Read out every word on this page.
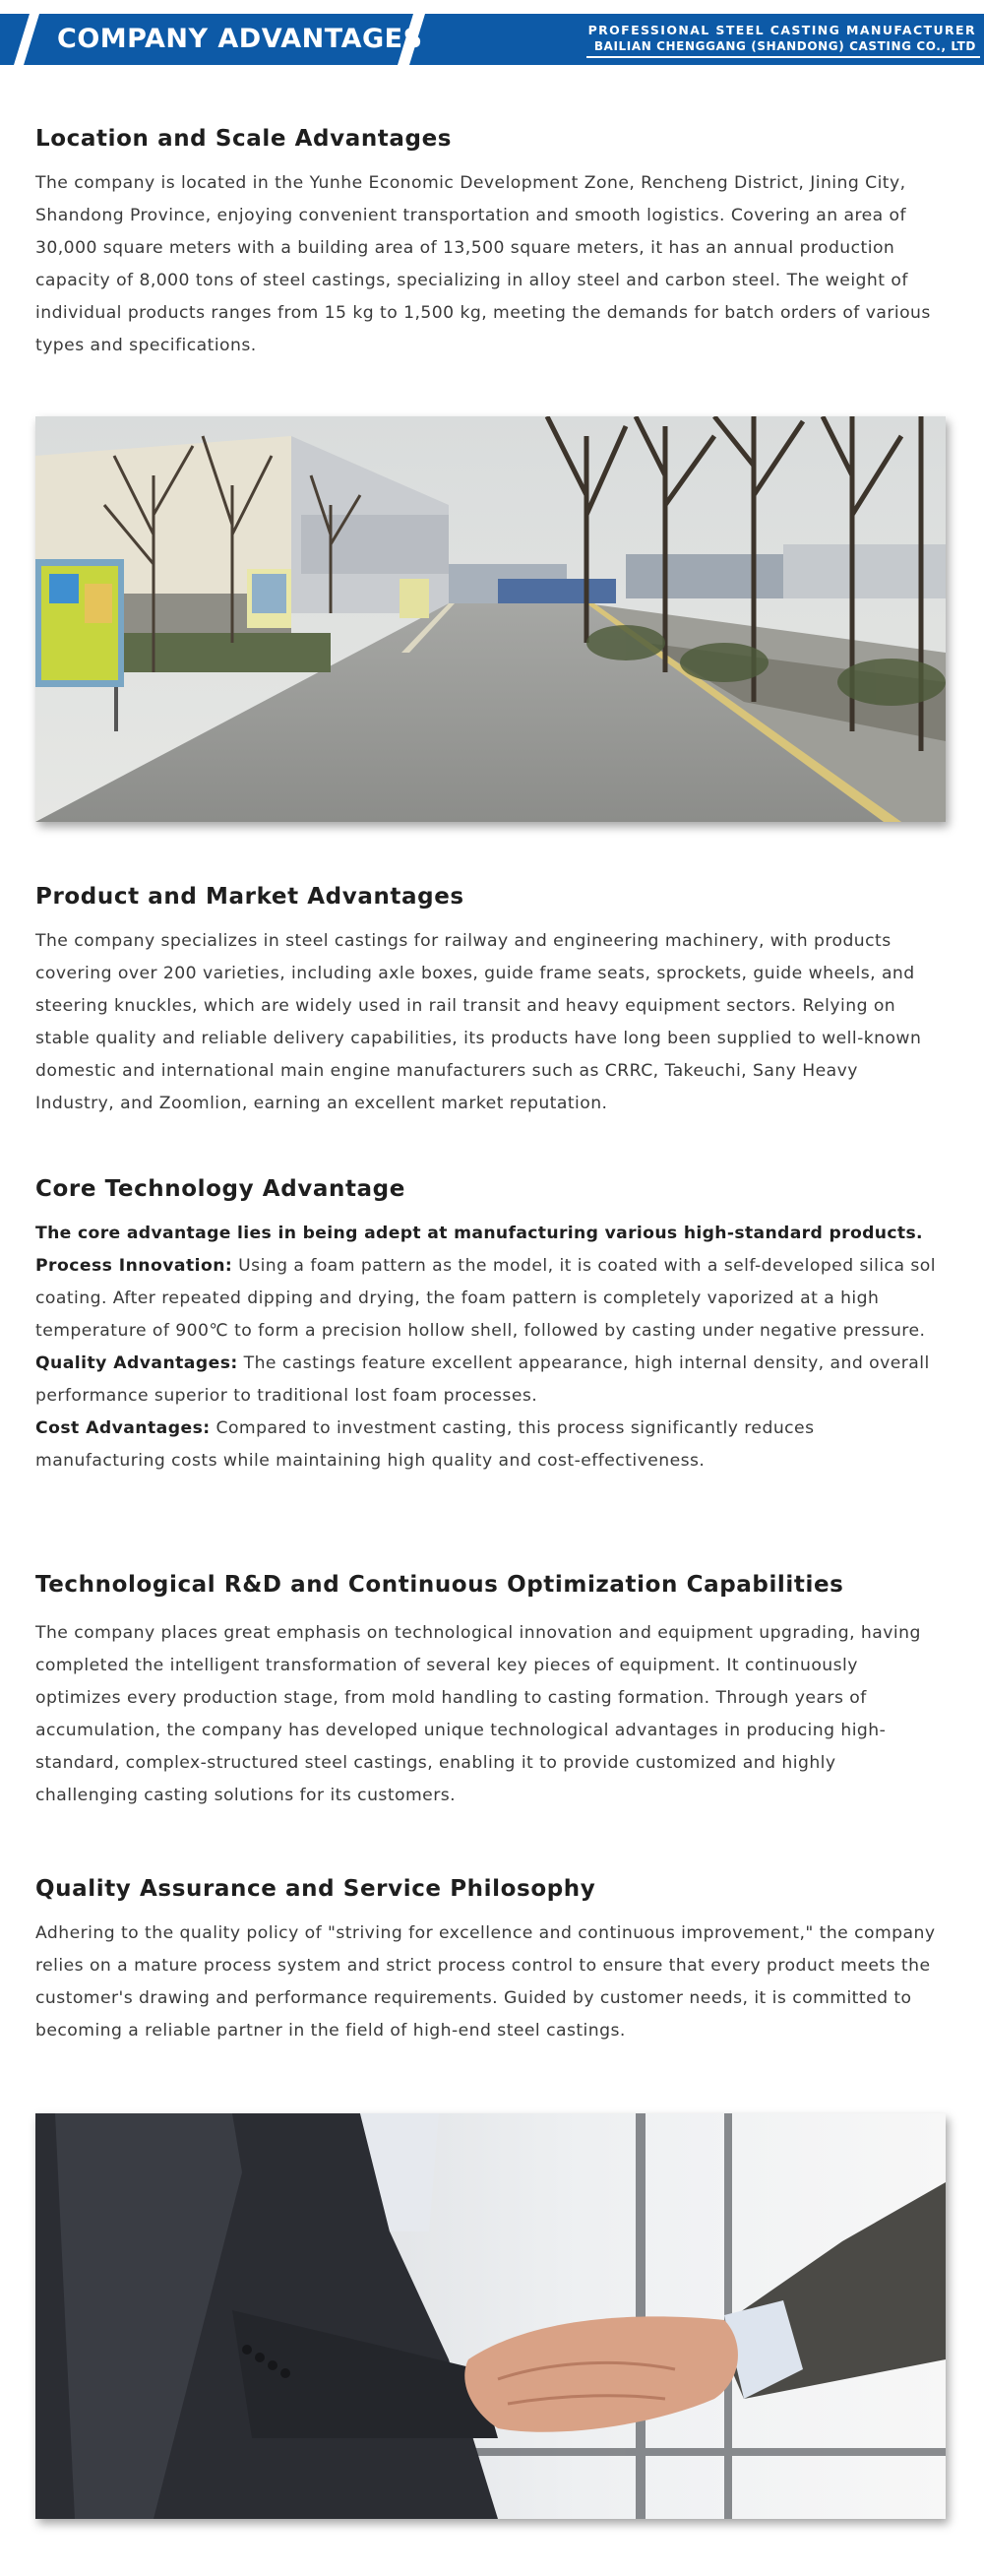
COMPANY ADVANTAGES	PROFESSIONAL STEEL CASTING MANUFACTURER
BAILIAN CHENGGANG (SHANDONG) CASTING CO., LTD
Location and Scale Advantages
The company is located in the Yunhe Economic Development Zone, Rencheng District, Jining City, Shandong Province, enjoying convenient transportation and smooth logistics. Covering an area of 30,000 square meters with a building area of 13,500 square meters, it has an annual production capacity of 8,000 tons of steel castings, specializing in alloy steel and carbon steel. The weight of individual products ranges from 15 kg to 1,500 kg, meeting the demands for batch orders of various types and specifications.
Product and Market Advantages
The company specializes in steel castings for railway and engineering machinery, with products covering over 200 varieties, including axle boxes, guide frame seats, sprockets, guide wheels, and steering knuckles, which are widely used in rail transit and heavy equipment sectors. Relying on stable quality and reliable delivery capabilities, its products have long been supplied to well-known domestic and international main engine manufacturers such as CRRC, Takeuchi, Sany Heavy Industry, and Zoomlion, earning an excellent market reputation.
Core Technology Advantage
The core advantage lies in being adept at manufacturing various high-standard products.
Process Innovation: Using a foam pattern as the model, it is coated with a self-developed silica sol coating. After repeated dipping and drying, the foam pattern is completely vaporized at a high temperature of 900℃ to form a precision hollow shell, followed by casting under negative pressure.
Quality Advantages: The castings feature excellent appearance, high internal density, and overall performance superior to traditional lost foam processes.
Cost Advantages: Compared to investment casting, this process significantly reduces manufacturing costs while maintaining high quality and cost-effectiveness.
Technological R&D and Continuous Optimization Capabilities
The company places great emphasis on technological innovation and equipment upgrading, having completed the intelligent transformation of several key pieces of equipment. It continuously optimizes every production stage, from mold handling to casting formation. Through years of accumulation, the company has developed unique technological advantages in producing high-standard, complex-structured steel castings, enabling it to provide customized and highly challenging casting solutions for its customers.
Quality Assurance and Service Philosophy
Adhering to the quality policy of "striving for excellence and continuous improvement," the company relies on a mature process system and strict process control to ensure that every product meets the customer's drawing and performance requirements. Guided by customer needs, it is committed to becoming a reliable partner in the field of high-end steel castings.
